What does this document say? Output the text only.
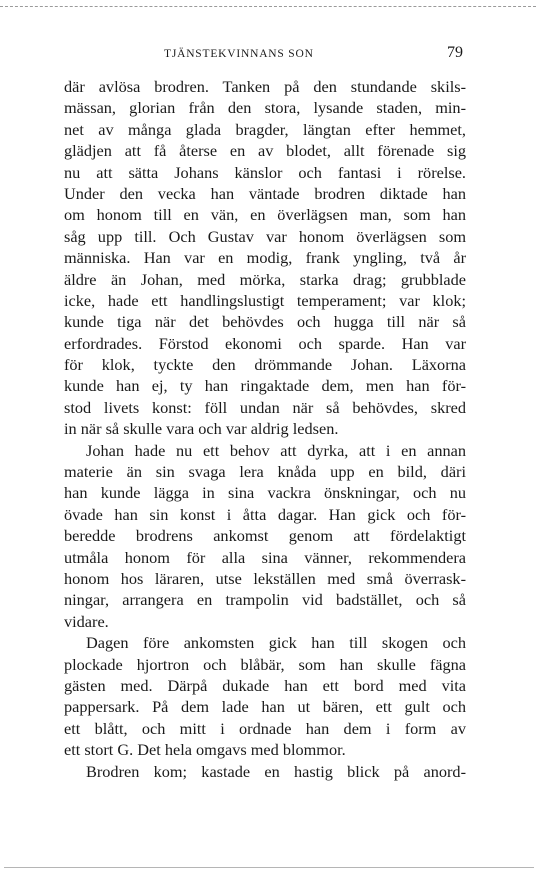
TJÄNSTEKVINNANS SON	79
där avlösa brodren. Tanken på den stundande skils-
mässan, glorian från den stora, lysande staden, min-
net av många glada bragder, längtan efter hemmet,
glädjen att få återse en av blodet, allt förenade sig
nu att sätta Johans känslor och fantasi i rörelse.
Under den vecka han väntade brodren diktade han
om honom till en vän, en överlägsen man, som han
såg upp till. Och Gustav var honom överlägsen som
människa. Han var en modig, frank yngling, två år
äldre än Johan, med mörka, starka drag; grubblade
icke, hade ett handlingslustigt temperament; var klok;
kunde tiga när det behövdes och hugga till när så
erfordrades. Förstod ekonomi och sparde. Han var
för klok, tyckte den drömmande Johan. Läxorna
kunde han ej, ty han ringaktade dem, men han för-
stod livets konst: föll undan när så behövdes, skred
in när så skulle vara och var aldrig ledsen.
Johan hade nu ett behov att dyrka, att i en annan
materie än sin svaga lera knåda upp en bild, däri
han kunde lägga in sina vackra önskningar, och nu
övade han sin konst i åtta dagar. Han gick och för-
beredde brodrens ankomst genom att fördelaktigt
utmåla honom för alla sina vänner, rekommendera
honom hos läraren, utse lekställen med små överrask-
ningar, arrangera en trampolin vid badstället, och så
vidare.
Dagen före ankomsten gick han till skogen och
plockade hjortron och blåbär, som han skulle fägna
gästen med. Därpå dukade han ett bord med vita
pappersark. På dem lade han ut bären, ett gult och
ett blått, och mitt i ordnade han dem i form av
ett stort G. Det hela omgavs med blommor.
Brodren kom; kastade en hastig blick på anord-
